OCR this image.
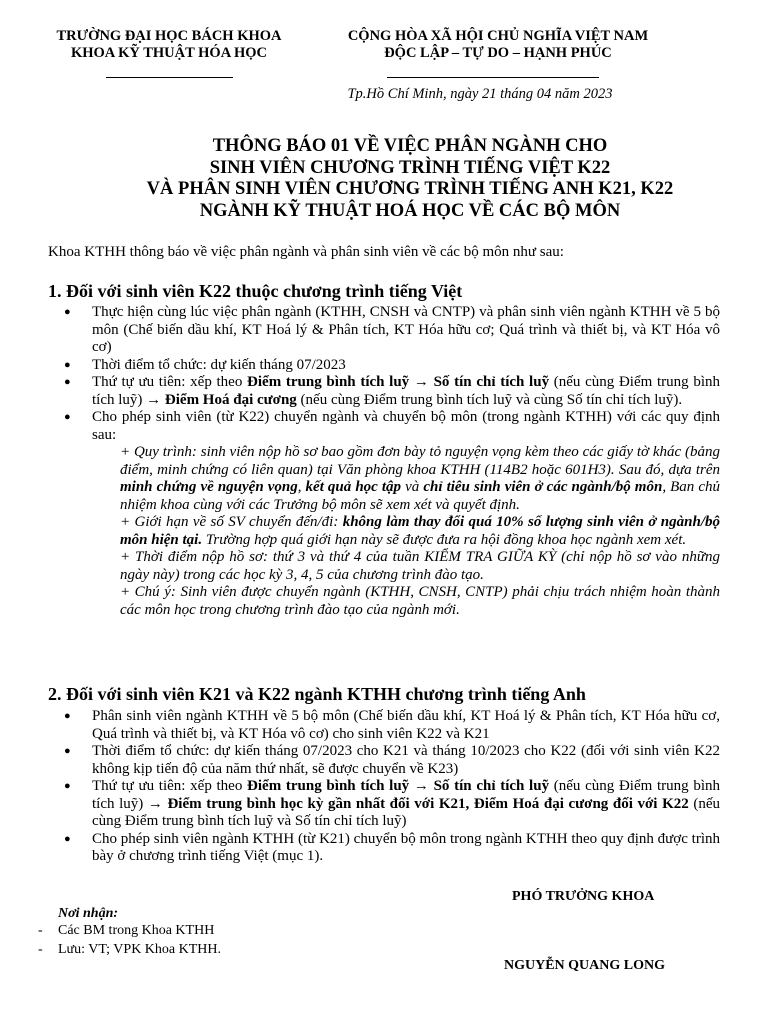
TRƯỜNG ĐẠI HỌC BÁCH KHOA
KHOA KỸ THUẬT HÓA HỌC
CỘNG HÒA XÃ HỘI CHỦ NGHĨA VIỆT NAM
ĐỘC LẬP – TỰ DO – HẠNH PHÚC
Tp.Hồ Chí Minh, ngày 21 tháng 04 năm 2023
THÔNG BÁO 01 VỀ VIỆC PHÂN NGÀNH CHO
SINH VIÊN CHƯƠNG TRÌNH TIẾNG VIỆT K22
VÀ PHÂN SINH VIÊN CHƯƠNG TRÌNH TIẾNG ANH K21, K22
NGÀNH KỸ THUẬT HOÁ HỌC VỀ CÁC BỘ MÔN
Khoa KTHH thông báo về việc phân ngành và phân sinh viên về các bộ môn như sau:
1. Đối với sinh viên K22 thuộc chương trình tiếng Việt
● Thực hiện cùng lúc việc phân ngành (KTHH, CNSH và CNTP) và phân sinh viên ngành KTHH về 5 bộ môn (Chế biến dầu khí, KT Hoá lý & Phân tích, KT Hóa hữu cơ; Quá trình và thiết bị, và KT Hóa vô cơ)
● Thời điểm tổ chức: dự kiến tháng 07/2023
● Thứ tự ưu tiên: xếp theo Điểm trung bình tích luỹ → Số tín chỉ tích luỹ (nếu cùng Điểm trung bình tích luỹ) → Điểm Hoá đại cương (nếu cùng Điểm trung bình tích luỹ và cùng Số tín chỉ tích luỹ).
● Cho phép sinh viên (từ K22) chuyển ngành và chuyển bộ môn (trong ngành KTHH) với các quy định sau:
+ Quy trình: sinh viên nộp hồ sơ bao gồm đơn bày tỏ nguyện vọng kèm theo các giấy tờ khác (bảng điểm, minh chứng có liên quan) tại Văn phòng khoa KTHH (114B2 hoặc 601H3). Sau đó, dựa trên minh chứng về nguyện vọng, kết quả học tập và chỉ tiêu sinh viên ở các ngành/bộ môn, Ban chủ nhiệm khoa cùng với các Trưởng bộ môn sẽ xem xét và quyết định.
+ Giới hạn về số SV chuyển đến/đi: không làm thay đổi quá 10% số lượng sinh viên ở ngành/bộ môn hiện tại. Trường hợp quá giới hạn này sẽ được đưa ra hội đồng khoa học ngành xem xét.
+ Thời điểm nộp hồ sơ: thứ 3 và thứ 4 của tuần KIỂM TRA GIỮA KỲ (chỉ nộp hồ sơ vào những ngày này) trong các học kỳ 3, 4, 5 của chương trình đào tạo.
+ Chú ý: Sinh viên được chuyển ngành (KTHH, CNSH, CNTP) phải chịu trách nhiệm hoàn thành các môn học trong chương trình đào tạo của ngành mới.
2. Đối với sinh viên K21 và K22 ngành KTHH chương trình tiếng Anh
● Phân sinh viên ngành KTHH về 5 bộ môn (Chế biến dầu khí, KT Hoá lý & Phân tích, KT Hóa hữu cơ, Quá trình và thiết bị, và KT Hóa vô cơ) cho sinh viên K22 và K21
● Thời điểm tổ chức: dự kiến tháng 07/2023 cho K21 và tháng 10/2023 cho K22 (đối với sinh viên K22 không kịp tiến độ của năm thứ nhất, sẽ được chuyển về K23)
● Thứ tự ưu tiên: xếp theo Điểm trung bình tích luỹ → Số tín chỉ tích luỹ (nếu cùng Điểm trung bình tích luỹ) → Điểm trung bình học kỳ gần nhất đối với K21, Điểm Hoá đại cương đối với K22 (nếu cùng Điểm trung bình tích luỹ và Số tín chỉ tích luỹ)
● Cho phép sinh viên ngành KTHH (từ K21) chuyển bộ môn trong ngành KTHH theo quy định được trình bày ở chương trình tiếng Việt (mục 1).
PHÓ TRƯỞNG KHOA
Nơi nhận:
- Các BM trong Khoa KTHH
- Lưu: VT; VPK Khoa KTHH.
NGUYỄN QUANG LONG
